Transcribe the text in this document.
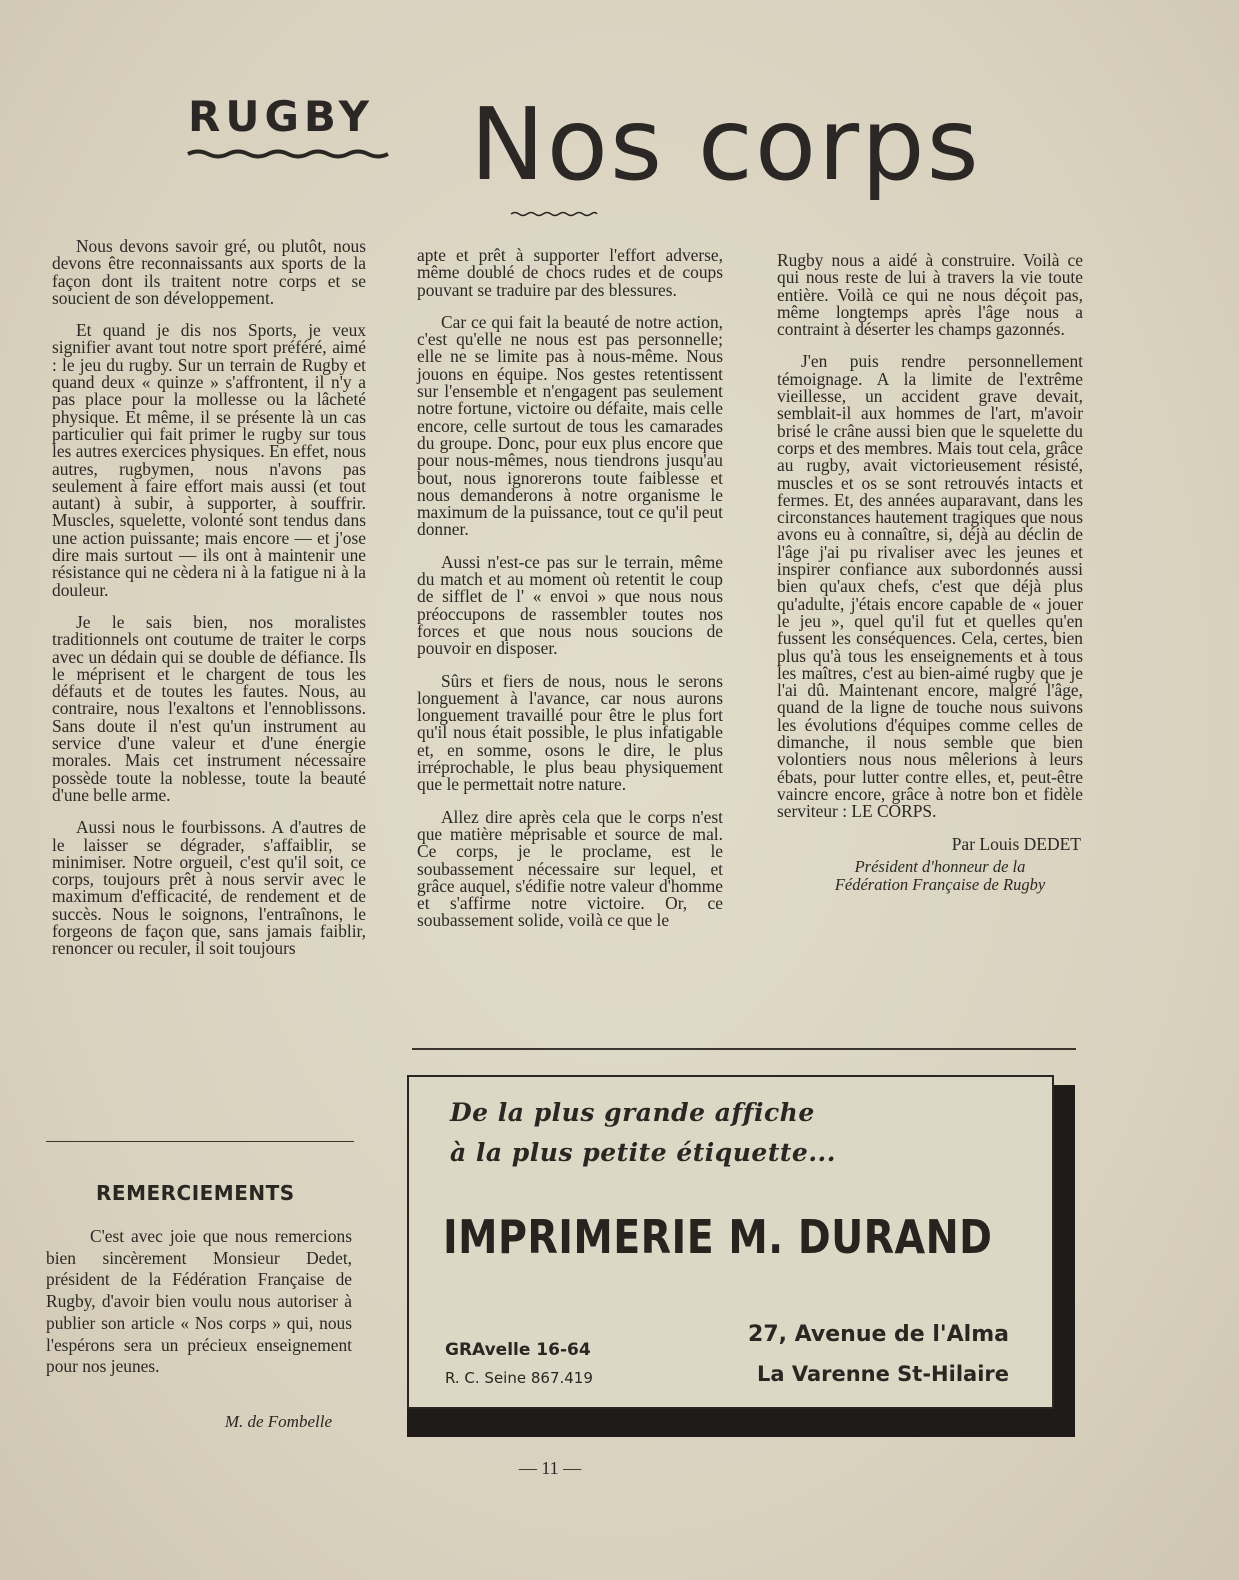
RUGBY Nos corps

Nous devons savoir gré, ou plutôt, nous devons être reconnaissants aux sports de la façon dont ils traitent notre corps et se soucient de son développement.

Et quand je dis nos Sports, je veux signifier avant tout notre sport préféré, aimé : le jeu du rugby. Sur un terrain de Rugby et quand deux « quinze » s'affrontent, il n'y a pas place pour la mollesse ou la lâcheté physique. Et même, il se présente là un cas particulier qui fait primer le rugby sur tous les autres exercices physiques. En effet, nous autres, rugbymen, nous n'avons pas seulement à faire effort mais aussi (et tout autant) à subir, à supporter, à souffrir. Muscles, squelette, volonté sont tendus dans une action puissante; mais encore — et j'ose dire mais surtout — ils ont à maintenir une résistance qui ne cèdera ni à la fatigue ni à la douleur.

Je le sais bien, nos moralistes traditionnels ont coutume de traiter le corps avec un dédain qui se double de défiance. Ils le méprisent et le chargent de tous les défauts et de toutes les fautes. Nous, au contraire, nous l'exaltons et l'ennoblissons. Sans doute il n'est qu'un instrument au service d'une valeur et d'une énergie morales. Mais cet instrument nécessaire possède toute la noblesse, toute la beauté d'une belle arme.

Aussi nous le fourbissons. A d'autres de le laisser se dégrader, s'affaiblir, se minimiser. Notre orgueil, c'est qu'il soit, ce corps, toujours prêt à nous servir avec le maximum d'efficacité, de rendement et de succès. Nous le soignons, l'entraînons, le forgeons de façon que, sans jamais faiblir, renoncer ou reculer, il soit toujours

apte et prêt à supporter l'effort adverse, même doublé de chocs rudes et de coups pouvant se traduire par des blessures.

Car ce qui fait la beauté de notre action, c'est qu'elle ne nous est pas personnelle; elle ne se limite pas à nous-même. Nous jouons en équipe. Nos gestes retentissent sur l'ensemble et n'engagent pas seulement notre fortune, victoire ou défaite, mais celle encore, celle surtout de tous les camarades du groupe. Donc, pour eux plus encore que pour nous-mêmes, nous tiendrons jusqu'au bout, nous ignorerons toute faiblesse et nous demanderons à notre organisme le maximum de la puissance, tout ce qu'il peut donner.

Aussi n'est-ce pas sur le terrain, même du match et au moment où retentit le coup de sifflet de l' « envoi » que nous nous préoccupons de rassembler toutes nos forces et que nous nous soucions de pouvoir en disposer.

Sûrs et fiers de nous, nous le serons longuement à l'avance, car nous aurons longuement travaillé pour être le plus fort qu'il nous était possible, le plus infatigable et, en somme, osons le dire, le plus irréprochable, le plus beau physiquement que le permettait notre nature.

Allez dire après cela que le corps n'est que matière méprisable et source de mal. Ce corps, je le proclame, est le soubassement nécessaire sur lequel, et grâce auquel, s'édifie notre valeur d'homme et s'affirme notre victoire. Or, ce soubassement solide, voilà ce que le

Rugby nous a aidé à construire. Voilà ce qui nous reste de lui à travers la vie toute entière. Voilà ce qui ne nous déçoit pas, même longtemps après l'âge nous a contraint à déserter les champs gazonnés.

J'en puis rendre personnellement témoignage. A la limite de l'extrême vieillesse, un accident grave devait, semblait-il aux hommes de l'art, m'avoir brisé le crâne aussi bien que le squelette du corps et des membres. Mais tout cela, grâce au rugby, avait victorieusement résisté, muscles et os se sont retrouvés intacts et fermes. Et, des années auparavant, dans les circonstances hautement tragiques que nous avons eu à connaître, si, déjà au déclin de l'âge j'ai pu rivaliser avec les jeunes et inspirer confiance aux subordonnés aussi bien qu'aux chefs, c'est que déjà plus qu'adulte, j'étais encore capable de « jouer le jeu », quel qu'il fut et quelles qu'en fussent les conséquences. Cela, certes, bien plus qu'à tous les enseignements et à tous les maîtres, c'est au bien-aimé rugby que je l'ai dû. Maintenant encore, malgré l'âge, quand de la ligne de touche nous suivons les évolutions d'équipes comme celles de dimanche, il nous semble que bien volontiers nous nous mêlerions à leurs ébats, pour lutter contre elles, et, peut-être vaincre encore, grâce à notre bon et fidèle serviteur : LE CORPS.

Par Louis DEDET
Président d'honneur de la
Fédération Française de Rugby
REMERCIEMENTS

C'est avec joie que nous remercions bien sincèrement Monsieur Dedet, président de la Fédération Française de Rugby, d'avoir bien voulu nous autoriser à publier son article « Nos corps » qui, nous l'espérons sera un précieux enseignement pour nos jeunes.

M. de Fombelle

De la plus grande affiche

à la plus petite étiquette...

IMPRIMERIE M. DURAND

GRAvelle 16-64
R. C. Seine 867.419
27, Avenue de l'Alma
La Varenne St-Hilaire
— 11 —
